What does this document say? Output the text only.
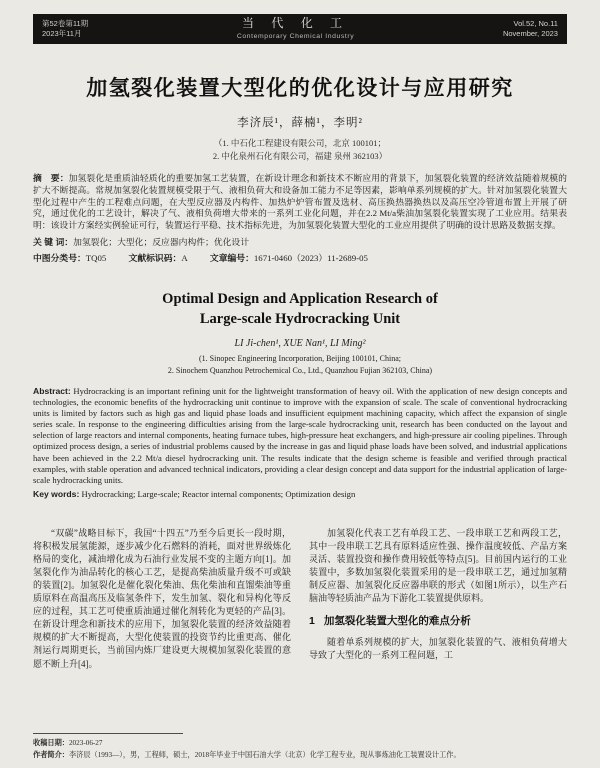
第52卷第11期
2023年11月
当 代 化 工
Contemporary Chemical Industry
Vol.52, No.11
November, 2023
加氢裂化装置大型化的优化设计与应用研究
李济辰¹，薛楠¹，李明²
（1. 中石化工程建设有限公司，北京 100101；
2. 中化泉州石化有限公司，福建 泉州 362103）

摘　要：加氢裂化是重质油轻质化的重要加氢工艺装置，在新设计理念和新技术不断应用的背景下，加氢裂化装置的经济效益随着规模的扩大不断提高。常规加氢裂化装置规模受限于气、液相负荷大和设备加工能力不足等因素，影响单系列规模的扩大。针对加氢裂化装置大型化过程中产生的工程难点问题，在大型反应器及内构件、加热炉炉管布置及选材、高压换热器换热以及高压空冷管道布置上开展了研究，通过优化的工艺设计，解决了气、液相负荷增大带来的一系列工业化问题，并在2.2 Mt/a柴油加氢裂化装置实现了工业应用。结果表明：该设计方案经实例验证可行，装置运行平稳、技术指标先进，为加氢裂化装置大型化的工业应用提供了明确的设计思路及数据支撑。

关 键 词：加氢裂化；大型化；反应器内构件；优化设计

中图分类号：TQ05	文献标识码：A	文章编号：1671-0460（2023）11-2689-05

Optimal Design and Application Research of
Large-scale Hydrocracking Unit
LI Ji-chen¹, XUE Nan¹, LI Ming²
(1. Sinopec Engineering Incorporation, Beijing 100101, China;
2. Sinochem Quanzhou Petrochemical Co., Ltd., Quanzhou Fujian 362103, China)

Abstract: Hydrocracking is an important refining unit for the lightweight transformation of heavy oil. With the application of new design concepts and technologies, the economic benefits of the hydrocracking unit continue to improve with the expansion of scale. The scale of conventional hydrocracking units is limited by factors such as high gas and liquid phase loads and insufficient equipment machining capacity, which affect the expansion of single series scale. In response to the engineering difficulties arising from the large-scale hydrocracking unit, research has been conducted on the layout and selection of large reactors and internal components, heating furnace tubes, high-pressure heat exchangers, and high-pressure air cooling pipelines. Through optimized process design, a series of industrial problems caused by the increase in gas and liquid phase loads have been solved, and industrial applications have been achieved in the 2.2 Mt/a diesel hydrocracking unit. The results indicate that the design scheme is feasible and verified through practical examples, with stable operation and advanced technical indicators, providing a clear design concept and data support for the industrial application of large-scale hydrocracking units.

Key words: Hydrocracking; Large-scale; Reactor internal components; Optimization design

“双碳”战略目标下，我国“十四五”乃至今后更长一段时期，将积极发展氢能源，逐步减少化石燃料的消耗，面对世界级炼化格局的变化，减油增化成为石油行业发展不变的主题方向[1]。加氢裂化作为油品转化的核心工艺，是提高柴油质量升级不可或缺的装置[2]。加氢裂化是催化裂化柴油、焦化柴油和直馏柴油等重质原料在高温高压及临氢条件下，发生加氢、裂化和异构化等反应的过程，其工艺可使重质油通过催化剂转化为更轻的产品[3]。在新设计理念和新技术的应用下，加氢裂化装置的经济效益随着规模的扩大不断提高，大型化使装置的投资节约比重更高、催化剂运行周期更长，当前国内炼厂建设更大规模加氢裂化装置的意愿不断上升[4]。

加氢裂化代表工艺有单段工艺、一段串联工艺和两段工艺，其中一段串联工艺具有原料适应性强、操作温度较低、产品方案灵活、装置投资和操作费用较低等特点[5]。目前国内运行的工业装置中，多数加氢裂化装置采用的是一段串联工艺，通过加氢精制反应器、加氢裂化反应器串联的形式（如图1所示），以生产石脑油等轻质油产品为下游化工装置提供原料。

1 加氢裂化装置大型化的难点分析

随着单系列规模的扩大，加氢裂化装置的气、液相负荷增大导致了大型化的一系列工程问题，工

收稿日期：2023-06-27
作者简介：李济辰（1993—），男，工程师，硕士，2018年毕业于中国石油大学（北京）化学工程专业，现从事炼油化工装置设计工作。
